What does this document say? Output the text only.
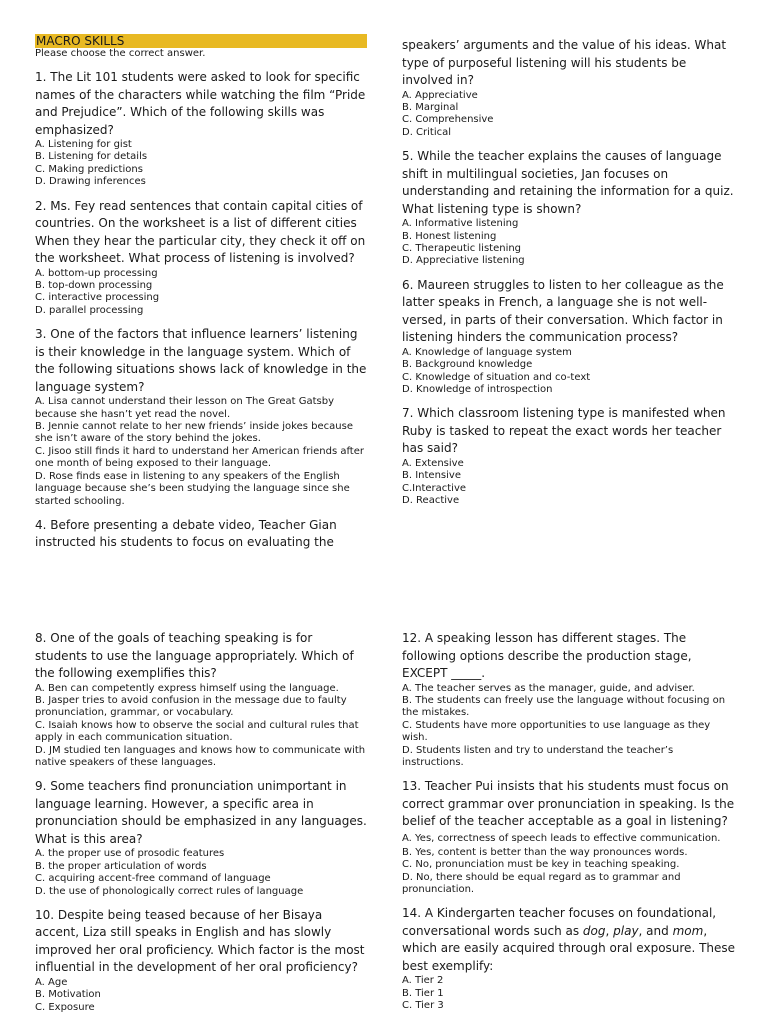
MACRO SKILLS
Please choose the correct answer.
1. The Lit 101 students were asked to look for specific names of the characters while watching the film “Pride and Prejudice”. Which of the following skills was emphasized?
A. Listening for gist
B. Listening for details
C. Making predictions
D. Drawing inferences
2. Ms. Fey read sentences that contain capital cities of countries. On the worksheet is a list of different cities When they hear the particular city, they check it off on the worksheet. What process of listening is involved?
A. bottom-up processing
B. top-down processing
C. interactive processing
D. parallel processing
3. One of the factors that influence learners’ listening is their knowledge in the language system. Which of the following situations shows lack of knowledge in the language system?
A. Lisa cannot understand their lesson on The Great Gatsby because she hasn’t yet read the novel.
B. Jennie cannot relate to her new friends’ inside jokes because she isn’t aware of the story behind the jokes.
C. Jisoo still finds it hard to understand her American friends after one month of being exposed to their language.
D. Rose finds ease in listening to any speakers of the English language because she’s been studying the language since she started schooling.
4. Before presenting a debate video, Teacher Gian instructed his students to focus on evaluating the
speakers’ arguments and the value of his ideas. What type of purposeful listening will his students be involved in?
A. Appreciative
B. Marginal
C. Comprehensive
D. Critical
5. While the teacher explains the causes of language shift in multilingual societies, Jan focuses on understanding and retaining the information for a quiz. What listening type is shown?
A. Informative listening
B. Honest listening
C. Therapeutic listening
D. Appreciative listening
6. Maureen struggles to listen to her colleague as the latter speaks in French, a language she is not well-versed, in parts of their conversation. Which factor in listening hinders the communication process?
A. Knowledge of language system
B. Background knowledge
C. Knowledge of situation and co-text
D. Knowledge of introspection
7. Which classroom listening type is manifested when Ruby is tasked to repeat the exact words her teacher has said?
A. Extensive
B. Intensive
C.Interactive
D. Reactive
8. One of the goals of teaching speaking is for students to use the language appropriately. Which of the following exemplifies this?
A. Ben can competently express himself using the language.
B. Jasper tries to avoid confusion in the message due to faulty pronunciation, grammar, or vocabulary.
C. Isaiah knows how to observe the social and cultural rules that apply in each communication situation.
D. JM studied ten languages and knows how to communicate with native speakers of these languages.
9. Some teachers find pronunciation unimportant in language learning. However, a specific area in pronunciation should be emphasized in any languages. What is this area?
A. the proper use of prosodic features
B. the proper articulation of words
C. acquiring accent-free command of language
D. the use of phonologically correct rules of language
10. Despite being teased because of her Bisaya accent, Liza still speaks in English and has slowly improved her oral proficiency. Which factor is the most influential in the development of her oral proficiency?
A. Age
B. Motivation
C. Exposure
12. A speaking lesson has different stages. The following options describe the production stage, EXCEPT _____.
A. The teacher serves as the manager, guide, and adviser.
B. The students can freely use the language without focusing on the mistakes.
C. Students have more opportunities to use language as they wish.
D. Students listen and try to understand the teacher’s instructions.
13. Teacher Pui insists that his students must focus on correct grammar over pronunciation in speaking. Is the belief of the teacher acceptable as a goal in listening?
A. Yes, correctness of speech leads to effective communication.
B. Yes, content is better than the way pronounces words.
C. No, pronunciation must be key in teaching speaking.
D. No, there should be equal regard as to grammar and pronunciation.
14. A Kindergarten teacher focuses on foundational, conversational words such as dog, play, and mom, which are easily acquired through oral exposure. These best exemplify:
A. Tier 2
B. Tier 1
C. Tier 3
